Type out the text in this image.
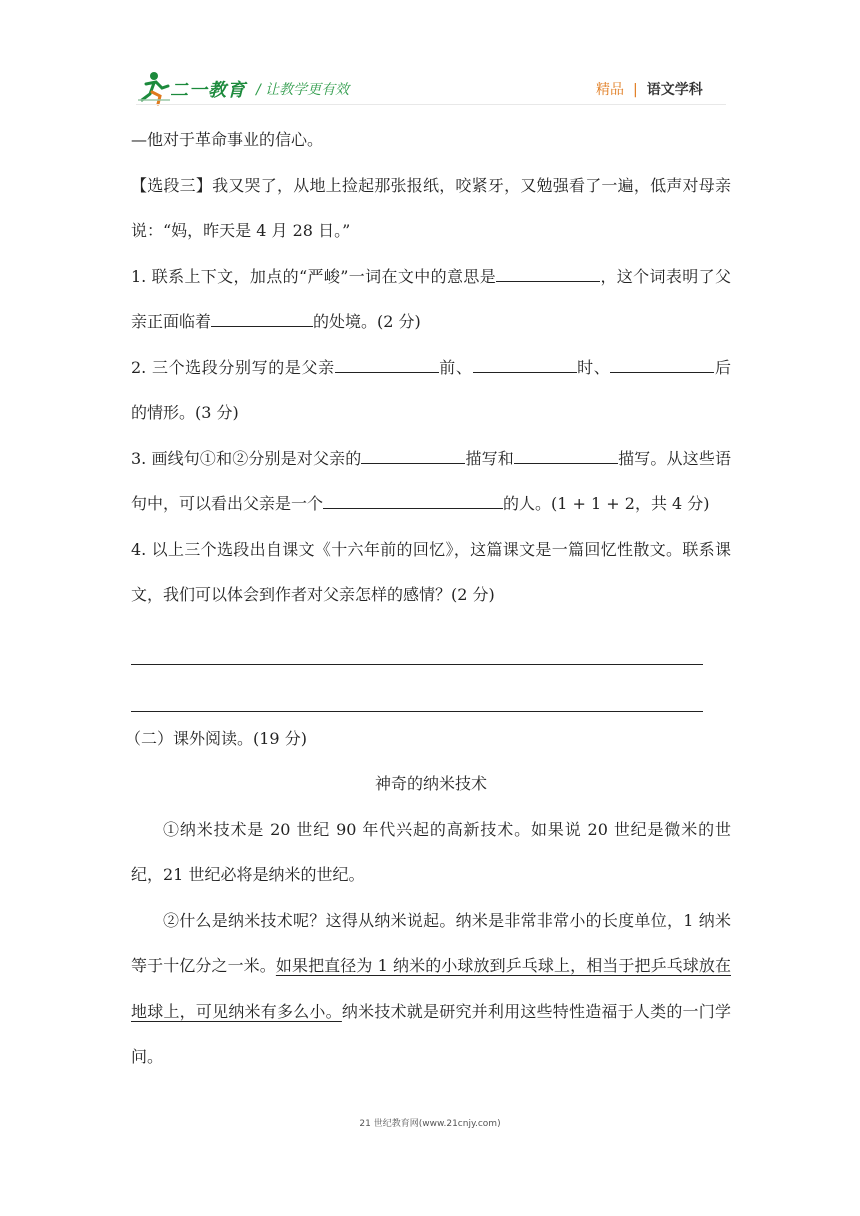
二一教育 / 让教学更有效	精品 | 语文学科

—他对于革命事业的信心。

【选段三】我又哭了，从地上捡起那张报纸，咬紧牙，又勉强看了一遍，低声对母亲说：“妈，昨天是 4 月 28 日。”

1. 联系上下文，加点的“严峻”一词在文中的意思是	，这个词表明了父亲正面临着	的处境。(2 分)

2. 三个选段分别写的是父亲	前、	时、	后的情形。(3 分)

3. 画线句①和②分别是对父亲的	描写和	描写。从这些语句中，可以看出父亲是一个	的人。(1 + 1 + 2，共 4 分)

4. 以上三个选段出自课文《十六年前的回忆》，这篇课文是一篇回忆性散文。联系课文，我们可以体会到作者对父亲怎样的感情？(2 分)

（二）课外阅读。(19 分)

神奇的纳米技术

①纳米技术是 20 世纪 90 年代兴起的高新技术。如果说 20 世纪是微米的世纪，21 世纪必将是纳米的世纪。

②什么是纳米技术呢？这得从纳米说起。纳米是非常非常小的长度单位，1 纳米等于十亿分之一米。如果把直径为 1 纳米的小球放到乒乓球上，相当于把乒乓球放在地球上，可见纳米有多么小。纳米技术就是研究并利用这些特性造福于人类的一门学问。

21 世纪教育网(www.21cnjy.com)
